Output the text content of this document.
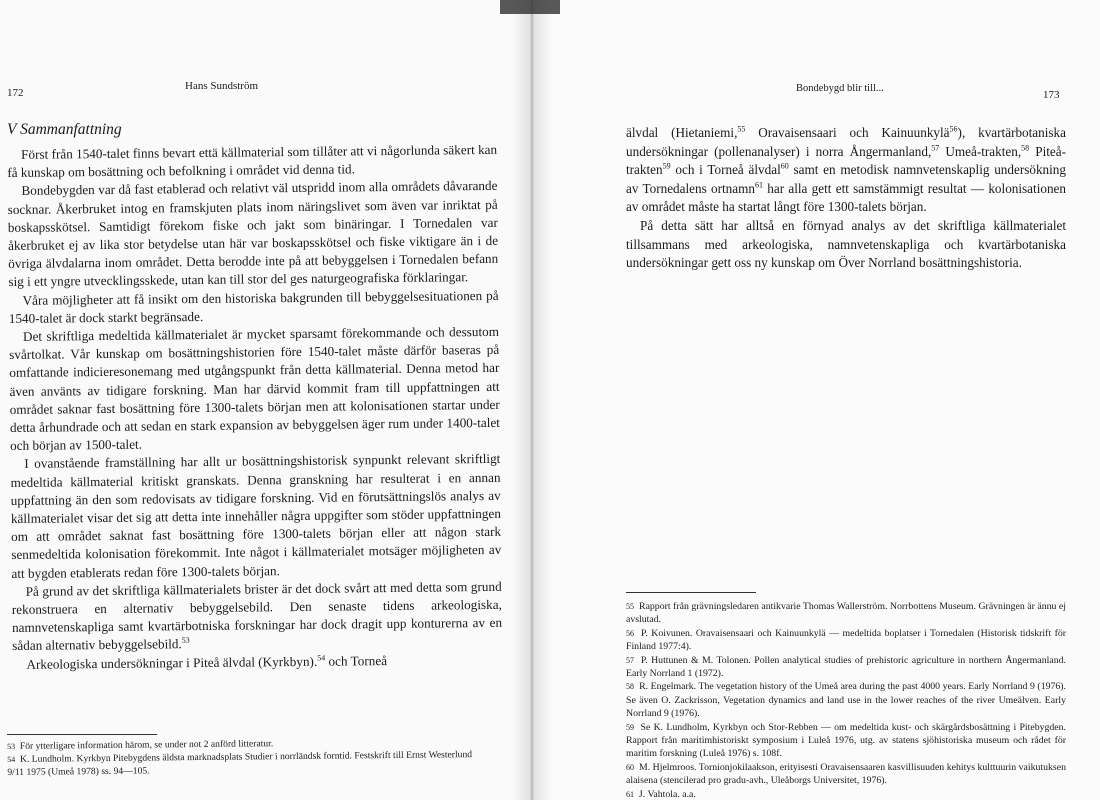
172
Hans Sundström
V Sammanfattning

Först från 1540-talet finns bevart että källmaterial som tillåter att vi någorlunda säkert kan få kunskap om bosättning och befolkning i området vid denna tid.

Bondebygden var då fast etablerad och relativt väl utspridd inom alla områdets dåvarande socknar. Åkerbruket intog en framskjuten plats inom näringslivet som även var inriktat på boskapsskötsel. Samtidigt förekom fiske och jakt som binäringar. I Tornedalen var åkerbruket ej av lika stor betydelse utan här var boskapsskötsel och fiske viktigare än i de övriga älvdalarna inom området. Detta berodde inte på att bebyggelsen i Tornedalen befann sig i ett yngre utvecklingsskede, utan kan till stor del ges naturgeografiska förklaringar.

Våra möjligheter att få insikt om den historiska bakgrunden till bebyggelsesituationen på 1540-talet är dock starkt begränsade.

Det skriftliga medeltida källmaterialet är mycket sparsamt förekommande och dessutom svårtolkat. Vår kunskap om bosättningshistorien före 1540-talet måste därför baseras på omfattande indicieresonemang med utgångspunkt från detta källmaterial. Denna metod har även använts av tidigare forskning. Man har därvid kommit fram till uppfattningen att området saknar fast bosättning före 1300-talets början men att kolonisationen startar under detta århundrade och att sedan en stark expansion av bebyggelsen äger rum under 1400-talet och början av 1500-talet.

I ovanstående framställning har allt ur bosättningshistorisk synpunkt relevant skriftligt medeltida källmaterial kritiskt granskats. Denna granskning har resulterat i en annan uppfattning än den som redovisats av tidigare forskning. Vid en förutsättningslös analys av källmaterialet visar det sig att detta inte innehåller några uppgifter som stöder uppfattningen om att området saknat fast bosättning före 1300-talets början eller att någon stark senmedeltida kolonisation förekommit. Inte något i källmaterialet motsäger möjligheten av att bygden etablerats redan före 1300-talets början.

På grund av det skriftliga källmaterialets brister är det dock svårt att med detta som grund rekonstruera en alternativ bebyggelsebild. Den senaste tidens arkeologiska, namnvetenskapliga samt kvartärbotniska forskningar har dock dragit upp konturerna av en sådan alternativ bebyggelsebild.$^{53}$

Arkeologiska undersökningar i Piteå älvdal (Kyrkbyn).$^{54}$ och Torneå

$^{53}$ För ytterligare information härom, se under not 2 anförd litteratur.

$^{54}$ K. Lundholm. Kyrkbyn Pitebygdens äldsta marknadsplats Studier i norrländsk forntid. Festskrift till Ernst Westerlund 9/11 1975 (Umeå 1978) ss. 94—105.

Bondebygd blir till...
173

älvdal (Hietaniemi,$^{55}$ Oravaisensaari och Kainuunkylä$^{56}$), kvartärbotaniska undersökningar (pollenanalyser) i norra Ångermanland,$^{57}$ Umeå-trakten,$^{58}$ Piteå-trakten$^{59}$ och i Torneå älvdal$^{60}$ samt en metodisk namnvetenskaplig undersökning av Tornedalens ortnamn$^{61}$ har alla gett ett samstämmigt resultat — kolonisationen av området måste ha startat långt före 1300-talets början.

På detta sätt har alltså en förnyad analys av det skriftliga källmaterialet tillsammans med arkeologiska, namnvetenskapliga och kvartärbotaniska undersökningar gett oss ny kunskap om Över Norrland bosättningshistoria.

$^{55}$ Rapport från grävningsledaren antikvarie Thomas Wallerström. Norrbottens Museum. Grävningen är ännu ej avslutad.

$^{56}$ P. Koivunen. Oravaisensaari och Kainuunkylä — medeltida boplatser i Tornedalen (Historisk tidskrift för Finland 1977:4).

$^{57}$ P. Huttunen & M. Tolonen. Pollen analytical studies of prehistoric agriculture in northern Ångermanland. Early Norrland 1 (1972).

$^{58}$ R. Engelmark. The vegetation history of the Umeå area during the past 4000 years. Early Norrland 9 (1976). Se även O. Zackrisson, Vegetation dynamics and land use in the lower reaches of the river Umeälven. Early Norrland 9 (1976).

$^{59}$ Se K. Lundholm, Kyrkbyn och Stor-Rebben — om medeltida kust- och skärgårdsbosättning i Pitebygden. Rapport från maritimhistoriskt symposium i Luleå 1976, utg. av statens sjöhistoriska museum och rådet för maritim forskning (Luleå 1976) s. 108f.

$^{60}$ M. Hjelmroos. Tornionjokilaakson, erityisesti Oravaisensaaren kasvillisuuden kehitys kulttuurin vaikutuksen alaisena (stencilerad pro gradu-avh., Uleåborgs Universitet, 1976).

$^{61}$ J. Vahtola. a.a.
